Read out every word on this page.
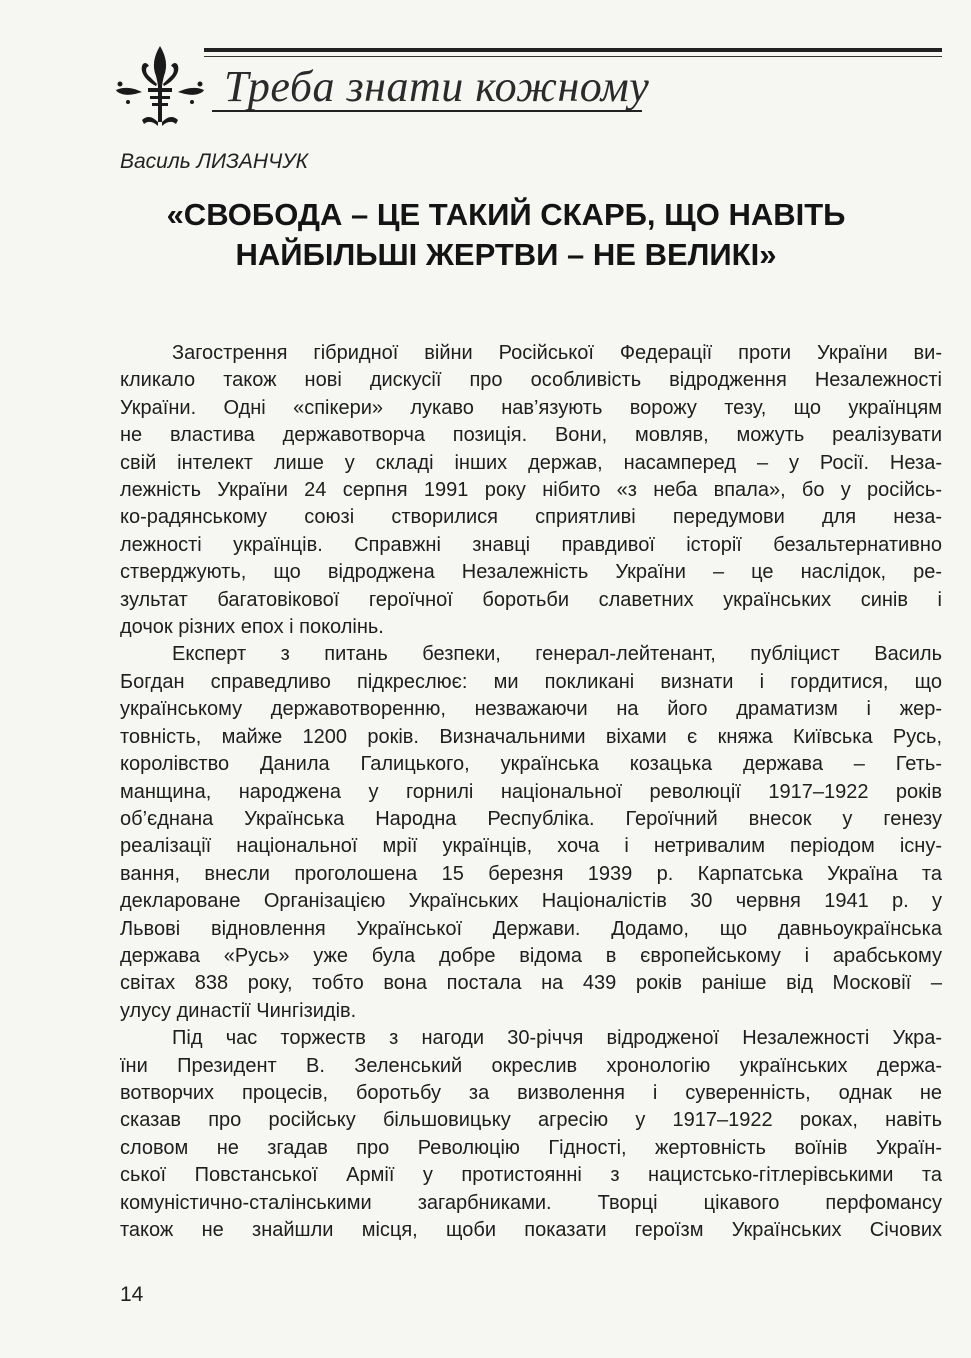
Треба знати кожному
Василь ЛИЗАНЧУК
«СВОБОДА – ЦЕ ТАКИЙ СКАРБ, ЩО НАВІТЬ
НАЙБІЛЬШІ ЖЕРТВИ – НЕ ВЕЛИКІ»
Загострення гібридної війни Російської Федерації проти України ви-
кликало також нові дискусії про особливість відродження Незалежності
України. Одні «спікери» лукаво нав’язують ворожу тезу, що українцям
не властива державотворча позиція. Вони, мовляв, можуть реалізувати
свій інтелект лише у складі інших держав, насамперед – у Росії. Неза-
лежність України 24 серпня 1991 року нібито «з неба впала», бо у російсь-
ко-радянському союзі створилися сприятливі передумови для неза-
лежності українців. Справжні знавці правдивої історії безальтернативно
стверджують, що відроджена Незалежність України – це наслідок, ре-
зультат багатовікової героїчної боротьби славетних українських синів і
дочок різних епох і поколінь.
Експерт з питань безпеки, генерал-лейтенант, публіцист Василь
Богдан справедливо підкреслює: ми покликані визнати і гордитися, що
українському державотворенню, незважаючи на його драматизм і жер-
товність, майже 1200 років. Визначальними віхами є княжа Київська Русь,
королівство Данила Галицького, українська козацька держава – Геть-
манщина, народжена у горнилі національної революції 1917–1922 років
об’єднана Українська Народна Республіка. Героїчний внесок у генезу
реалізації національної мрії українців, хоча і нетривалим періодом існу-
вання, внесли проголошена 15 березня 1939 р. Карпатська Україна та
декларoване Організацією Українських Націоналістів 30 червня 1941 р. у
Львові відновлення Української Держави. Додамо, що давньоукраїнська
держава «Русь» уже була добре відома в європейському і арабському
світах 838 року, тобто вона постала на 439 років раніше від Московії –
улусу династії Чингізидів.
Під час торжеств з нагоди 30-річчя відродженої Незалежності Укра-
їни Президент В. Зеленський окреслив хронологію українських держа-
вотворчих процесів, боротьбу за визволення і суверенність, однак не
сказав про російську більшовицьку агресію у 1917–1922 роках, навіть
словом не згадав про Революцію Гідності, жертовність воїнів Україн-
ської Повстанської Армії у протистоянні з нацистсько-гітлерівськими та
комуністично-сталінськими загарбниками. Творці цікавого перфомансу
також не знайшли місця, щоби показати героїзм Українських Січових
14
